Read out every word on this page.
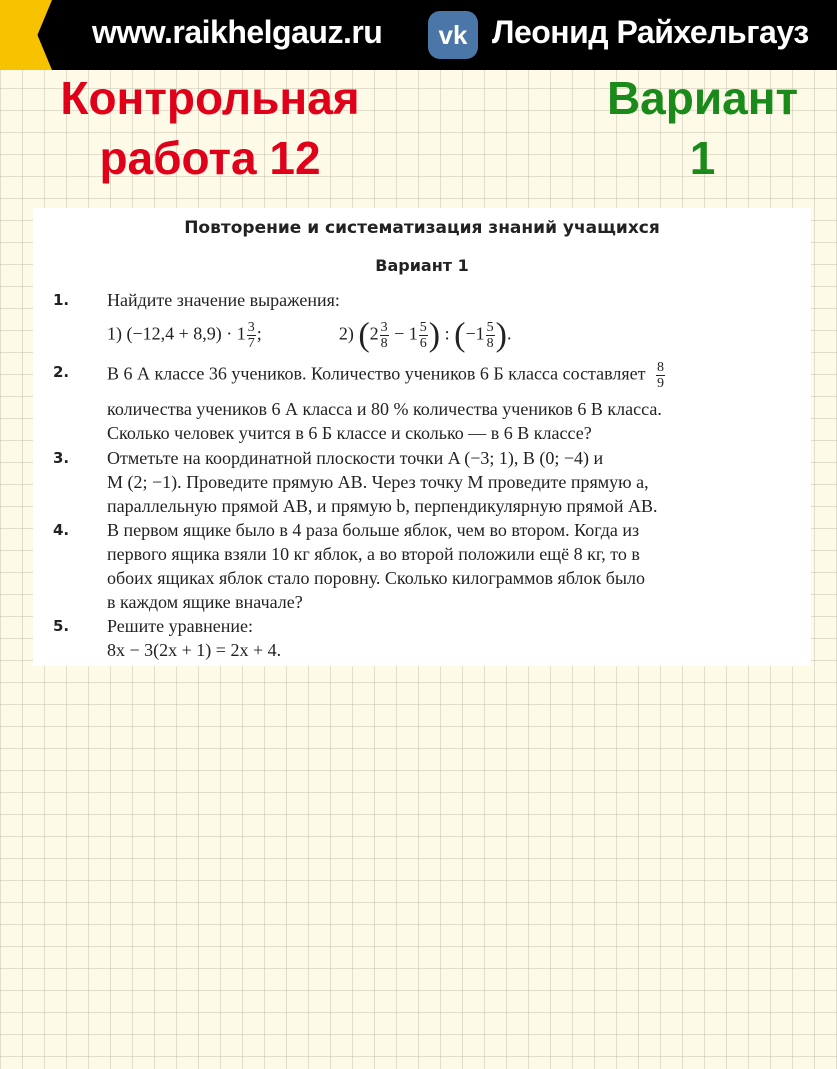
www.raikhelgauz.ru	vk Леонид Райхельгауз
Контрольная
работа 12
Вариант
1
Повторение и систематизация знаний учащихся
Вариант 1
1. Найдите значение выражения:
1) $(-12,4 + 8,9) \cdot 1 \frac{3}{7}$ ;	2) ($2 \frac{3}{8} - 1 \frac{5}{6}$ ) : ($-1 \frac{5}{8}$ ).
2. В 6 А классе 36 учеников. Количество учеников 6 Б класса составляет $\frac{8}{9}$
количества учеников 6 А класса и 80 % количества учеников 6 В класса.
Сколько человек учится в 6 Б классе и сколько — в 6 В классе?
3. Отметьте на координатной плоскости точки A (−3; 1), B (0; −4) и
M (2; −1). Проведите прямую AB. Через точку M проведите прямую a,
параллельную прямой AB, и прямую b, перпендикулярную прямой AB.
4. В первом ящике было в 4 раза больше яблок, чем во втором. Когда из
первого ящика взяли 10 кг яблок, а во второй положили ещё 8 кг, то в
обоих ящиках яблок стало поровну. Сколько килограммов яблок было
в каждом ящике вначале?
5. Решите уравнение:
8x − 3(2x + 1) = 2x + 4.
